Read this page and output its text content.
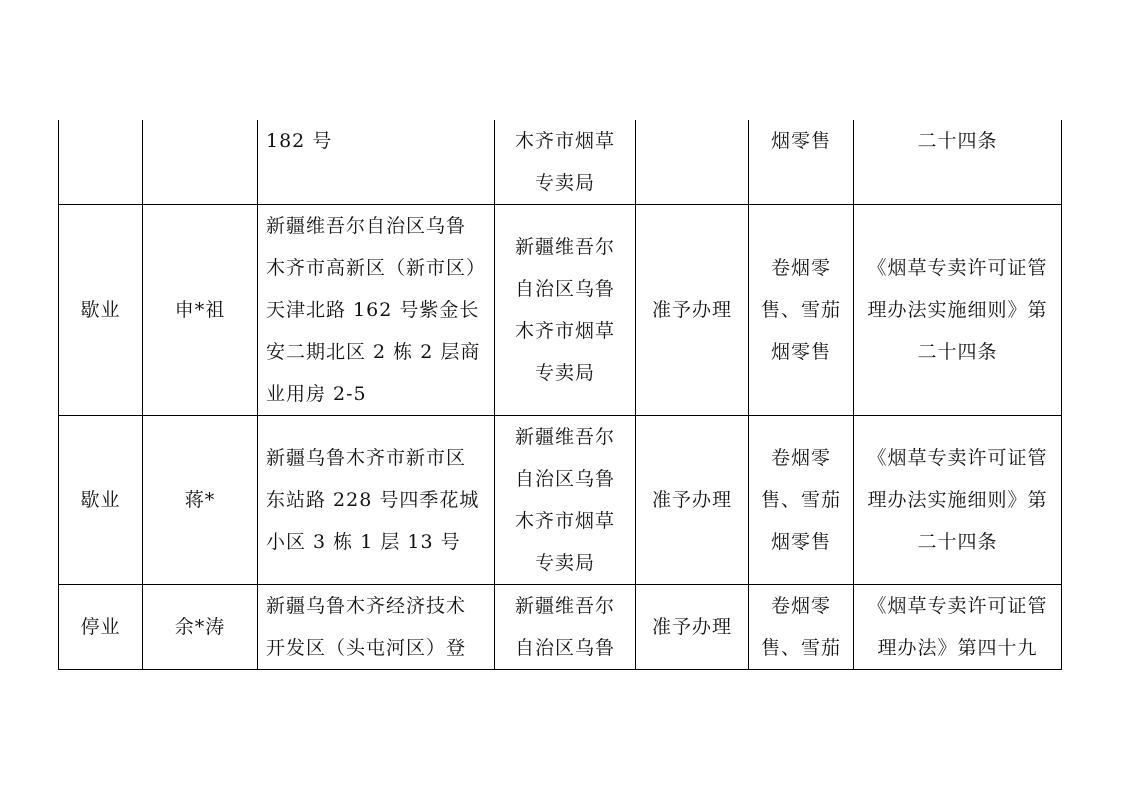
		182 号	木齐市烟草
专卖局		烟零售	二十四条

歇业	申*祖	新疆维吾尔自治区乌鲁
木齐市高新区（新市区）
天津北路 162 号紫金长
安二期北区 2 栋 2 层商
业用房 2-5	新疆维吾尔
自治区乌鲁
木齐市烟草
专卖局	准予办理	卷烟零
售、雪茄
烟零售	《烟草专卖许可证管
理办法实施细则》第
二十四条

歇业	蒋*	新疆乌鲁木齐市新市区
东站路 228 号四季花城
小区 3 栋 1 层 13 号	新疆维吾尔
自治区乌鲁
木齐市烟草
专卖局	准予办理	卷烟零
售、雪茄
烟零售	《烟草专卖许可证管
理办法实施细则》第
二十四条

停业	余*涛	新疆乌鲁木齐经济技术
开发区（头屯河区）登	新疆维吾尔
自治区乌鲁	准予办理	卷烟零
售、雪茄	《烟草专卖许可证管
理办法》第四十九
